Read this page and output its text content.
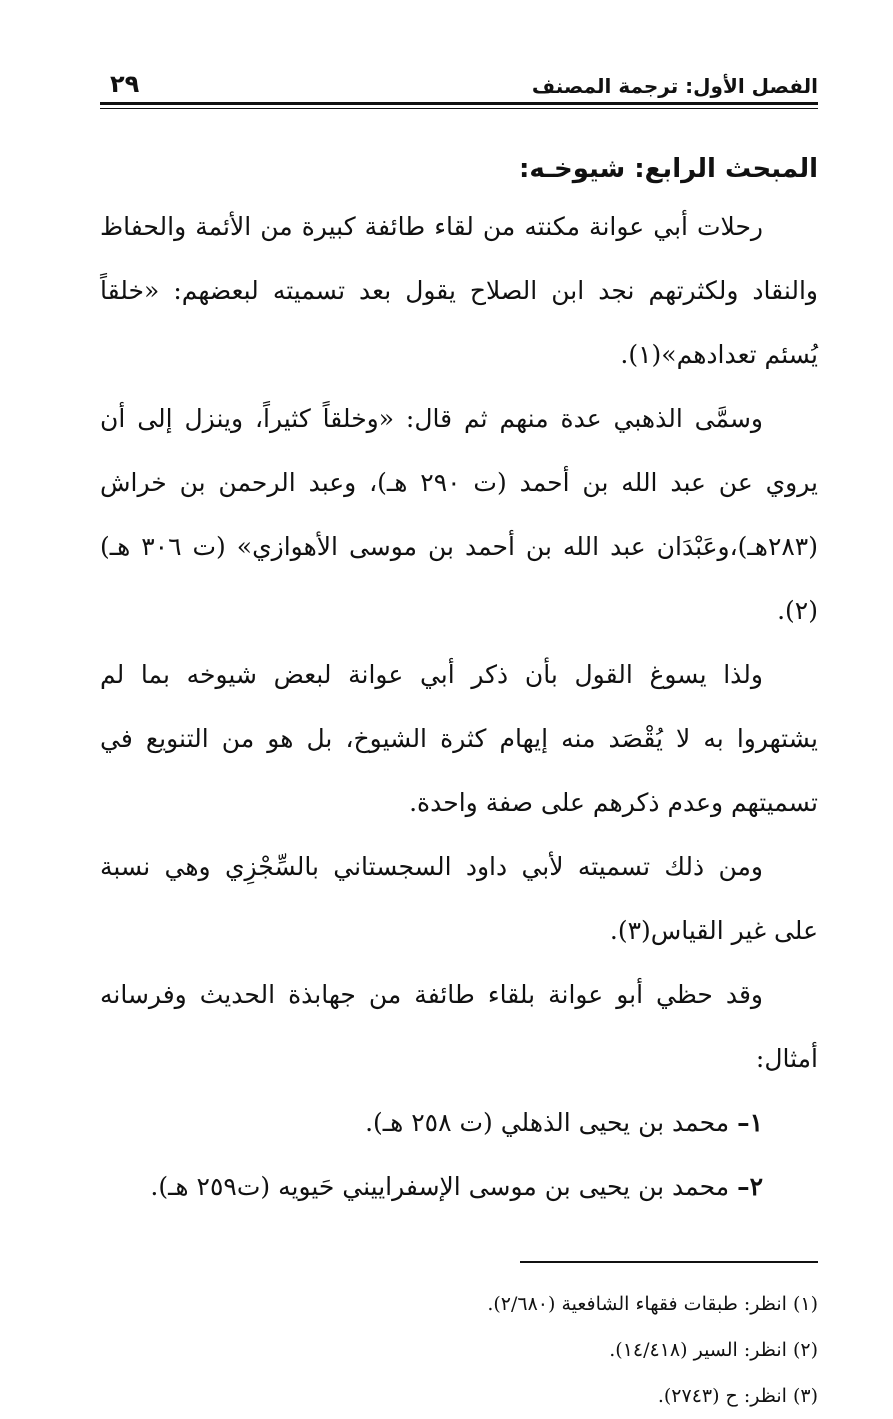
الفصل الأول: ترجمة المصنف
٢٩
المبحث الرابع: شيوخـه:

رحلات أبي عوانة مكنته من لقاء طائفة كبيرة من الأئمة والحفاظ والنقاد ولكثرتهم نجد ابن الصلاح يقول بعد تسميته لبعضهم: «خلقاً يُسئم تعدادهم»(١).

وسمَّى الذهبي عدة منهم ثم قال: «وخلقاً كثيراً، وينزل إلى أن يروي عن عبد الله بن أحمد (ت ٢٩٠ هـ)، وعبد الرحمن بن خراش (٢٨٣هـ)،وعَبْدَان عبد الله بن أحمد بن موسى الأهوازي» (ت ٣٠٦ هـ)(٢).

ولذا يسوغ القول بأن ذكر أبي عوانة لبعض شيوخه بما لم يشتهروا به لا يُقْصَد منه إيهام كثرة الشيوخ، بل هو من التنويع في تسميتهم وعدم ذكرهم على صفة واحدة.

ومن ذلك تسميته لأبي داود السجستاني بالسِّجْزِي وهي نسبة على غير القياس(٣).

وقد حظي أبو عوانة بلقاء طائفة من جهابذة الحديث وفرسانه أمثال:

١– محمد بن يحيى الذهلي (ت ٢٥٨ هـ).
٢– محمد بن يحيى بن موسى الإسفراييني حَيويه (ت٢٥٩ هـ).
(١) انظر: طبقات فقهاء الشافعية (٢/٦٨٠).
(٢) انظر: السير (١٤/٤١٨).
(٣) انظر: ح (٢٧٤٣).
